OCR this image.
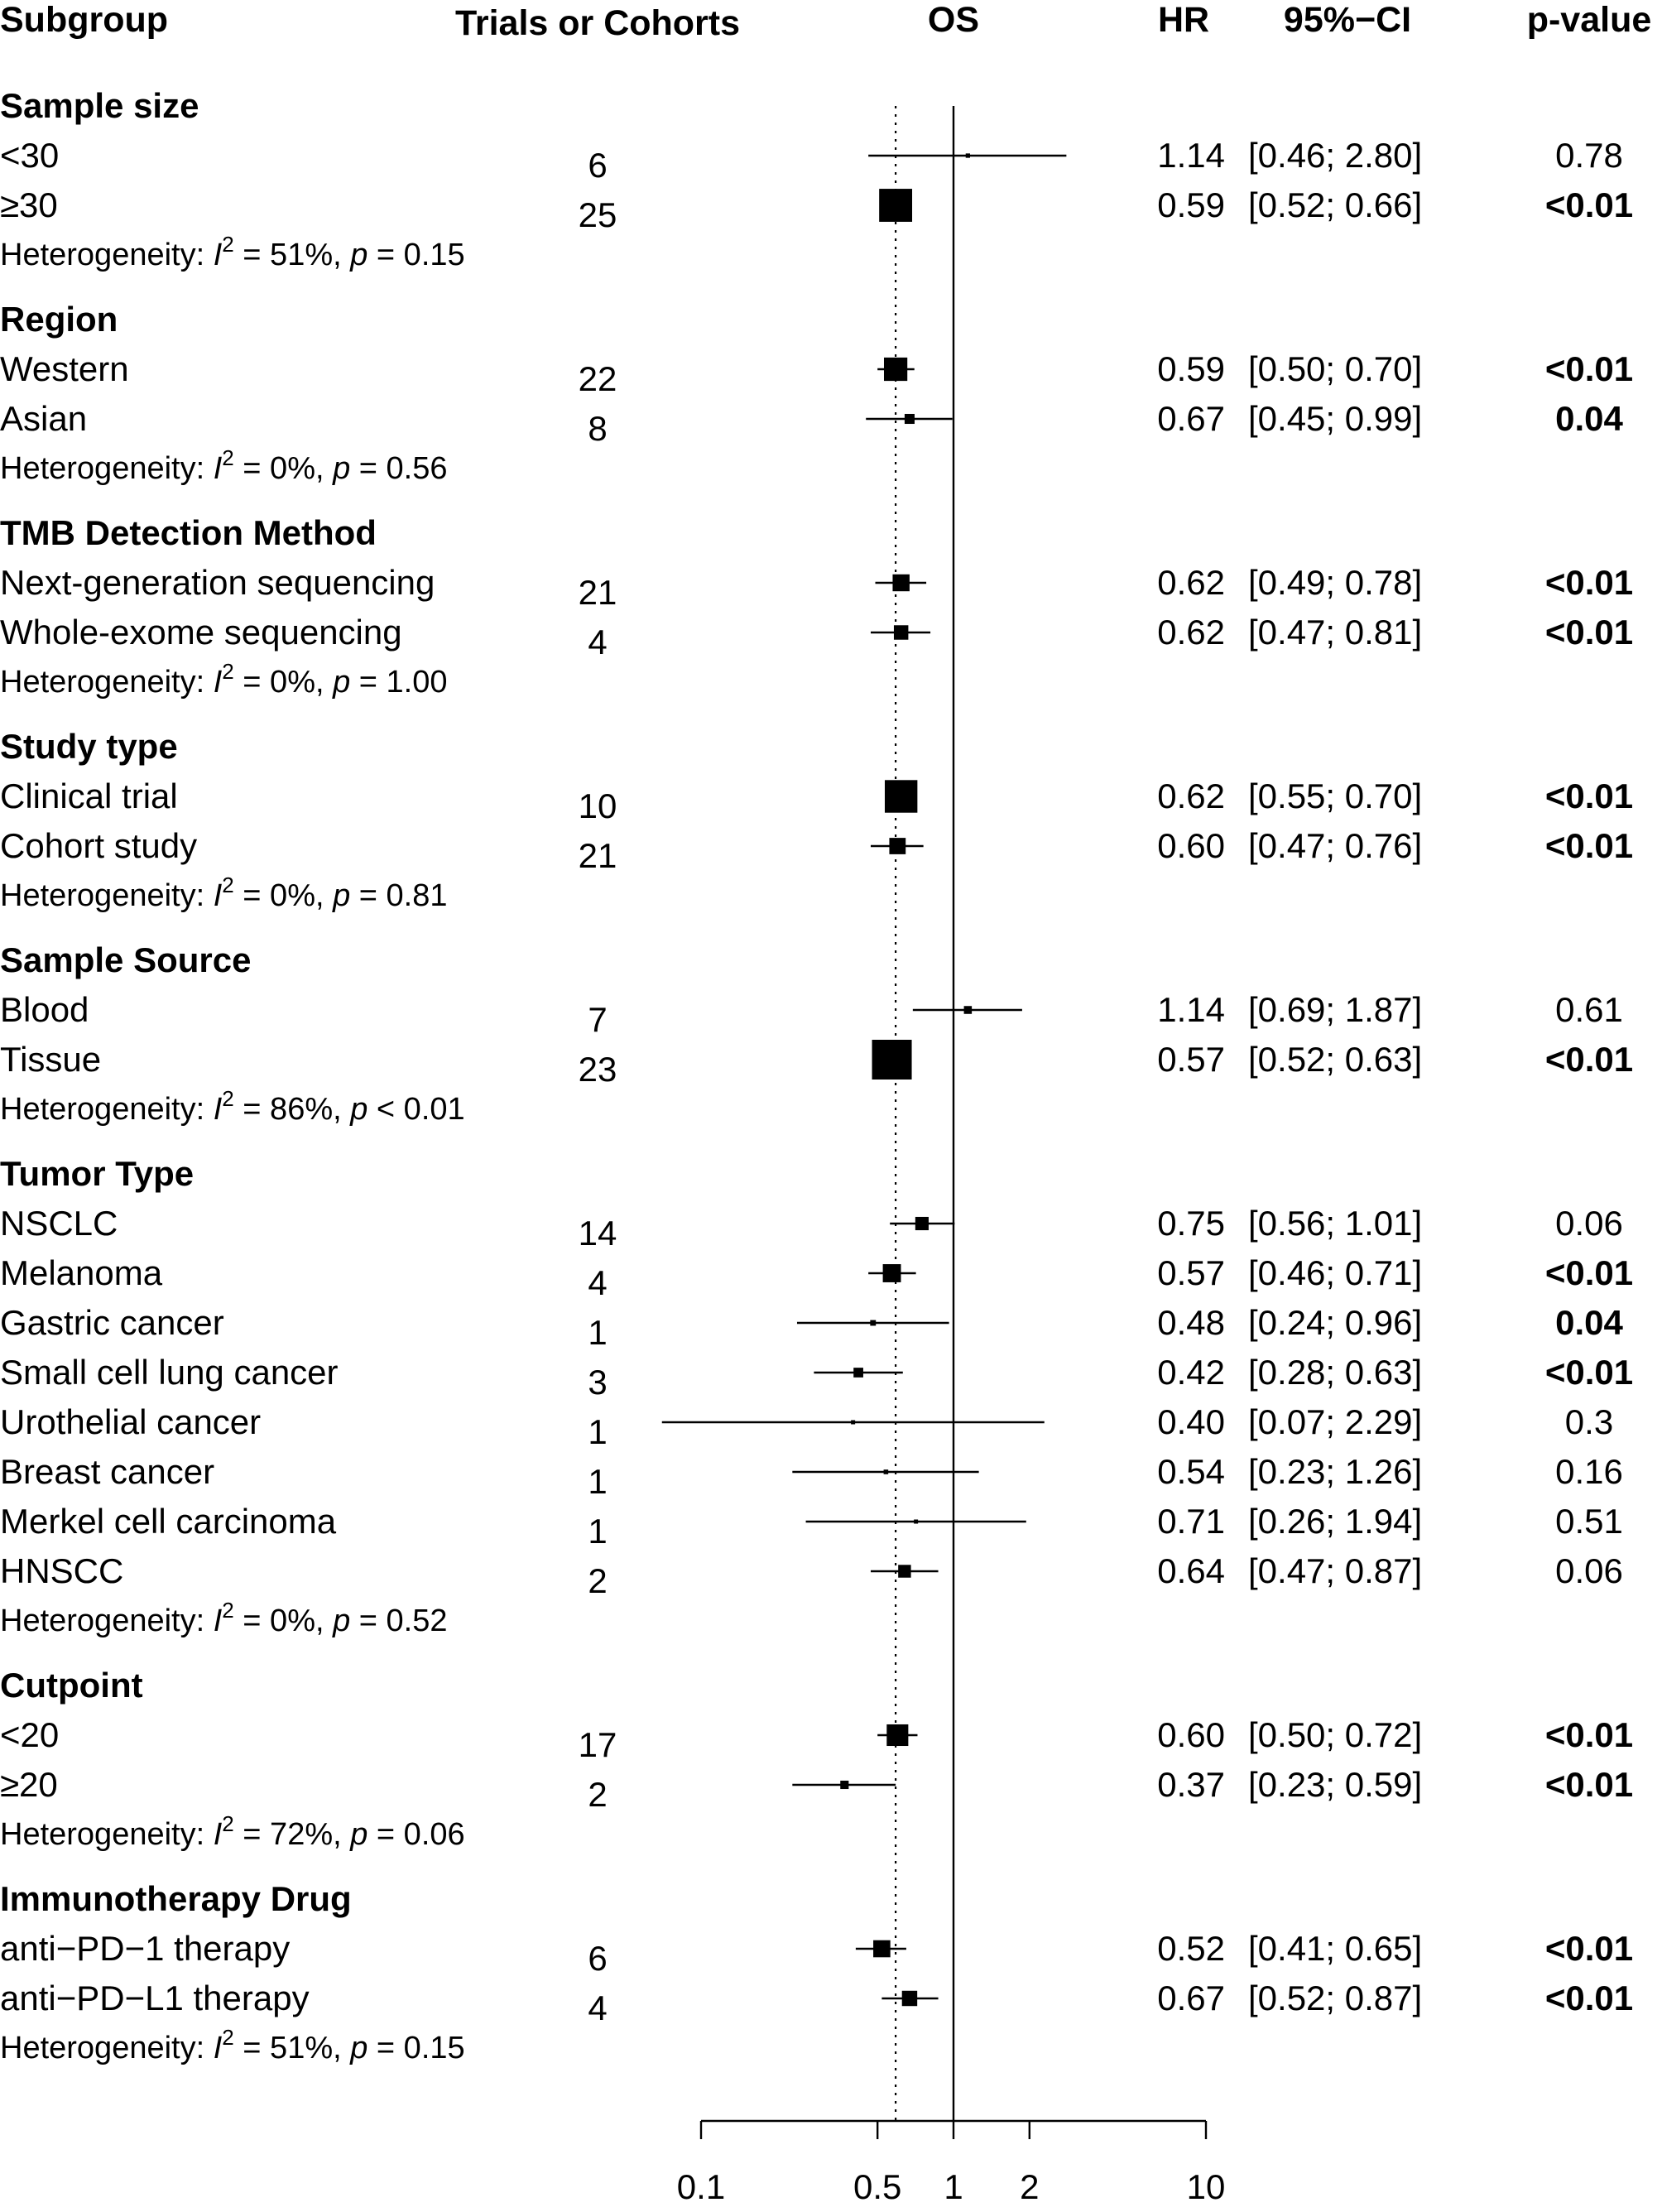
Subgroup	Trials or Cohorts	OS	HR 95%−CI	p-value
Sample size
<30	6	1.14 [0.46; 2.80]	0.78
≥30	25	0.59 [0.52; 0.66]	<0.01
Heterogeneity: $I^2 = 51\%$, p = 0.15
Region
Western	22	0.59 [0.50; 0.70]	<0.01
Asian	8	0.67 [0.45; 0.99]	0.04
Heterogeneity: $I^2 = 0\%$, p = 0.56
TMB Detection Method
Next-generation sequencing	21	0.62 [0.49; 0.78]	<0.01
Whole-exome sequencing	4	0.62 [0.47; 0.81]	<0.01
Heterogeneity: $I^2 = 0\%$, p = 1.00
Study type
Clinical trial	10	0.62 [0.55; 0.70]	<0.01
Cohort study	21	0.60 [0.47; 0.76]	<0.01
Heterogeneity: $I^2 = 0\%$, p = 0.81
Sample Source
Blood	7	1.14 [0.69; 1.87]	0.61
Tissue	23	0.57 [0.52; 0.63]	<0.01
Heterogeneity: $I^2 = 86\%$, p < 0.01
Tumor Type
NSCLC	14	0.75 [0.56; 1.01]	0.06
Melanoma	4	0.57 [0.46; 0.71]	<0.01
Gastric cancer	1	0.48 [0.24; 0.96]	0.04
Small cell lung cancer	3	0.42 [0.28; 0.63]	<0.01
Urothelial cancer	1	0.40 [0.07; 2.29]	0.3
Breast cancer	1	0.54 [0.23; 1.26]	0.16
Merkel cell carcinoma	1	0.71 [0.26; 1.94]	0.51
HNSCC	2	0.64 [0.47; 0.87]	0.06
Heterogeneity: $I^2 = 0\%$, p = 0.52
Cutpoint
<20	17	0.60 [0.50; 0.72]	<0.01
≥20	2	0.37 [0.23; 0.59]	<0.01
Heterogeneity: $I^2 = 72\%$, p = 0.06
Immunotherapy Drug
anti−PD−1 therapy	6	0.52 [0.41; 0.65]	<0.01
anti−PD−L1 therapy	4	0.67 [0.52; 0.87]	<0.01
Heterogeneity: $I^2 = 51\%$, p = 0.15
0.1	0.5 1 2	10
